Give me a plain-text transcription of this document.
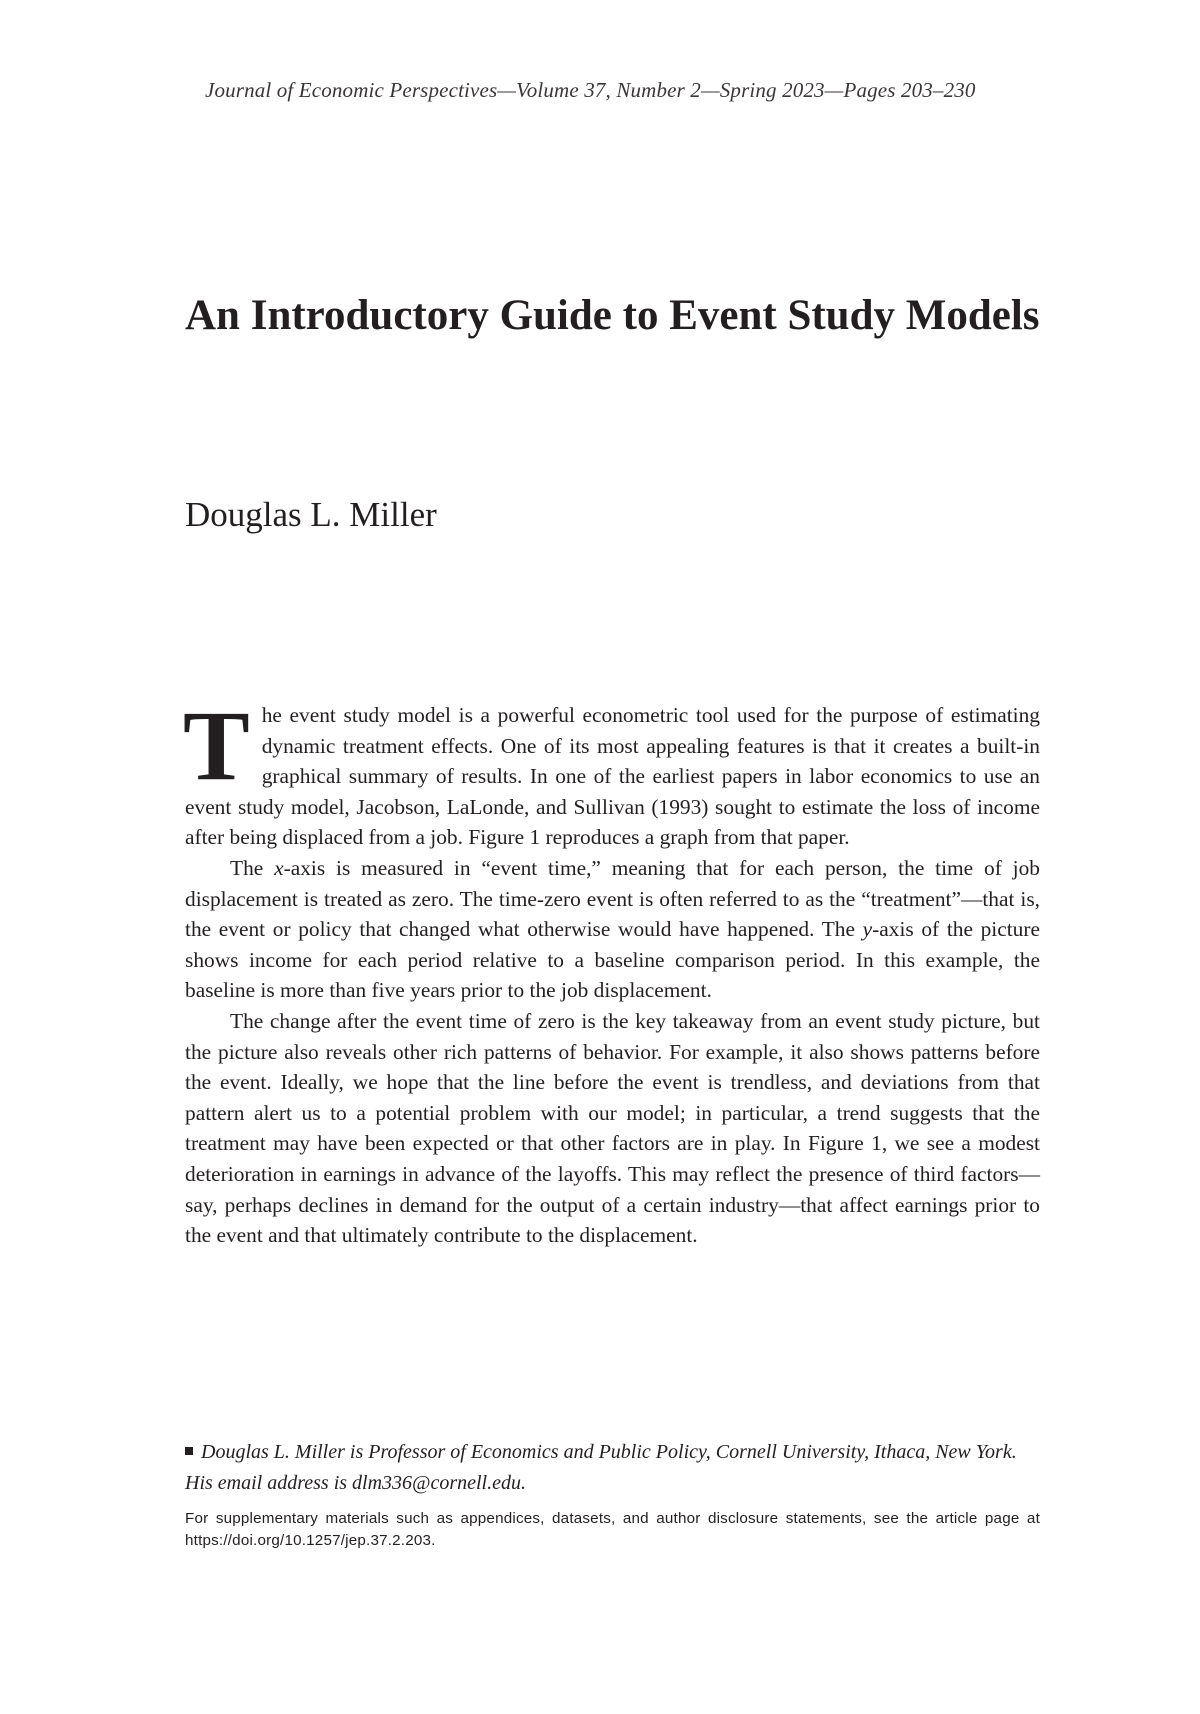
Journal of Economic Perspectives—Volume 37, Number 2—Spring 2023—Pages 203–230
An Introductory Guide to Event Study Models
Douglas L. Miller

The event study model is a powerful econometric tool used for the purpose of estimating dynamic treatment effects. One of its most appealing features is that it creates a built-in graphical summary of results. In one of the earliest papers in labor economics to use an event study model, Jacobson, LaLonde, and Sullivan (1993) sought to estimate the loss of income after being displaced from a job. Figure 1 reproduces a graph from that paper.

The x-axis is measured in “event time,” meaning that for each person, the time of job displacement is treated as zero. The time-zero event is often referred to as the “treatment”—that is, the event or policy that changed what otherwise would have happened. The y-axis of the picture shows income for each period relative to a baseline comparison period. In this example, the baseline is more than five years prior to the job displacement.

The change after the event time of zero is the key takeaway from an event study picture, but the picture also reveals other rich patterns of behavior. For example, it also shows patterns before the event. Ideally, we hope that the line before the event is trendless, and deviations from that pattern alert us to a potential problem with our model; in particular, a trend suggests that the treatment may have been expected or that other factors are in play. In Figure 1, we see a modest deterioration in earnings in advance of the layoffs. This may reflect the presence of third factors—say, perhaps declines in demand for the output of a certain industry—that affect earnings prior to the event and that ultimately contribute to the displacement.

Douglas L. Miller is Professor of Economics and Public Policy, Cornell University, Ithaca, New York. His email address is dlm336@cornell.edu.
For supplementary materials such as appendices, datasets, and author disclosure statements, see the article page at https://doi.org/10.1257/jep.37.2.203.
